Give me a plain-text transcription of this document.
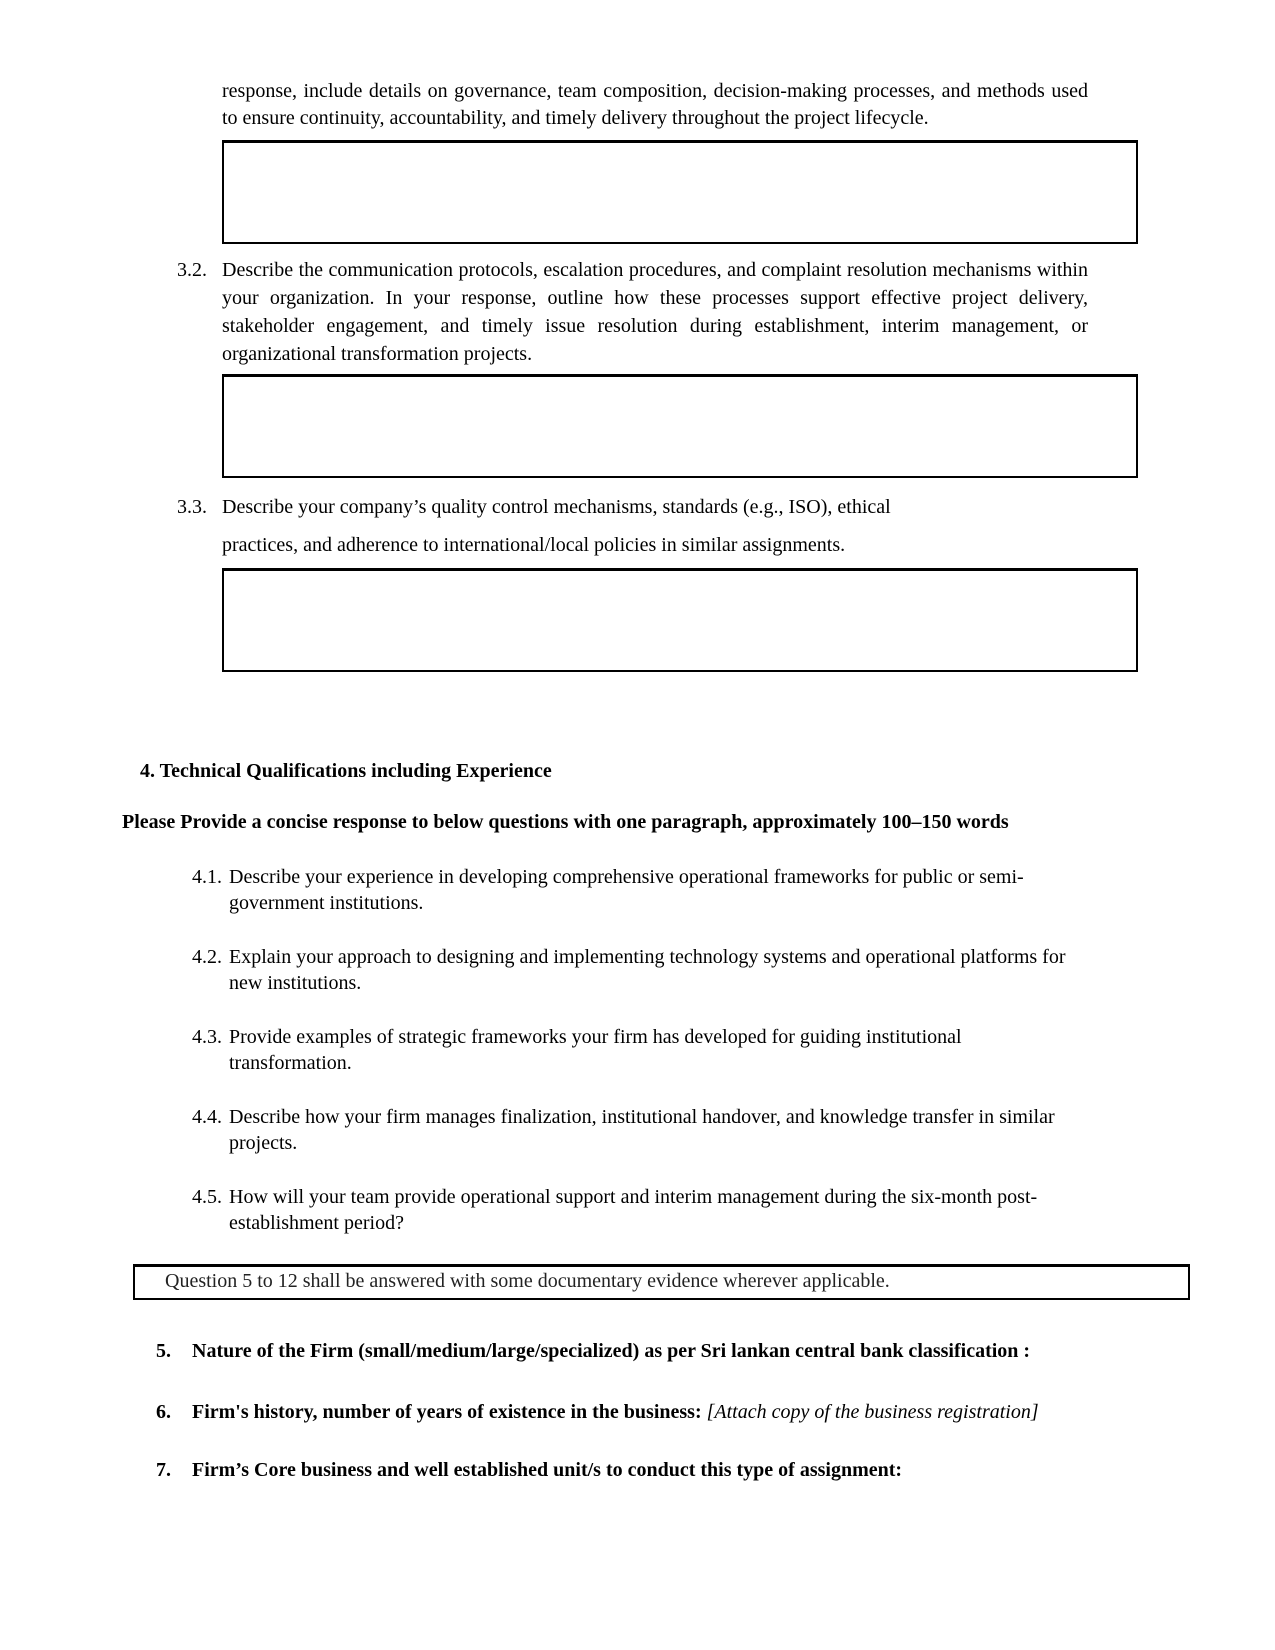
response, include details on governance, team composition, decision-making processes, and methods used to ensure continuity, accountability, and timely delivery throughout the project lifecycle.
3.2. Describe the communication protocols, escalation procedures, and complaint resolution mechanisms within your organization. In your response, outline how these processes support effective project delivery, stakeholder engagement, and timely issue resolution during establishment, interim management, or organizational transformation projects.
3.3. Describe your company’s quality control mechanisms, standards (e.g., ISO), ethical practices, and adherence to international/local policies in similar assignments.
4. Technical Qualifications including Experience
Please Provide a concise response to below questions with one paragraph, approximately 100–150 words
4.1. Describe your experience in developing comprehensive operational frameworks for public or semi-government institutions.
4.2. Explain your approach to designing and implementing technology systems and operational platforms for new institutions.
4.3. Provide examples of strategic frameworks your firm has developed for guiding institutional transformation.
4.4. Describe how your firm manages finalization, institutional handover, and knowledge transfer in similar projects.
4.5. How will your team provide operational support and interim management during the six-month post-establishment period?
Question 5 to 12 shall be answered with some documentary evidence wherever applicable.
5.	Nature of the Firm (small/medium/large/specialized) as per Sri lankan central bank classification :
6.	Firm's history, number of years of existence in the business: [Attach copy of the business registration]
7.	Firm’s Core business and well established unit/s to conduct this type of assignment:
